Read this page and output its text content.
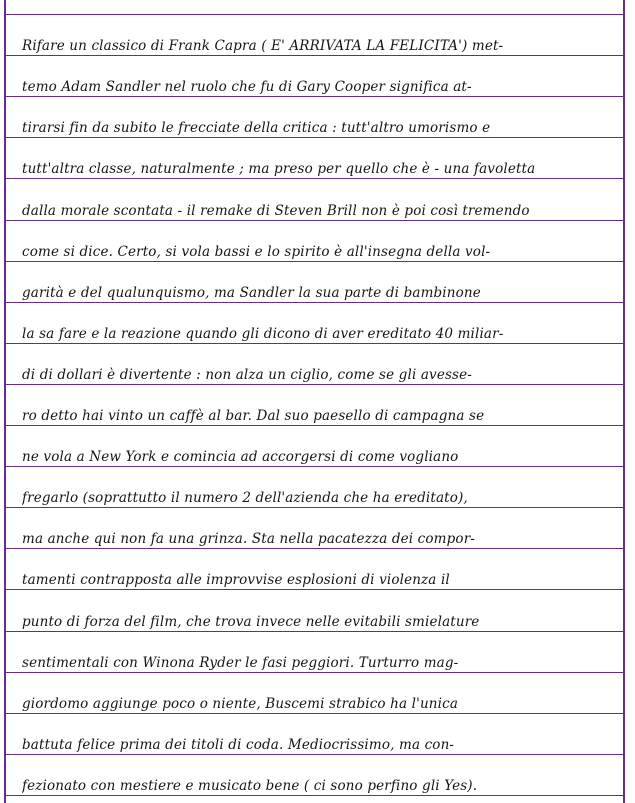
Rifare un classico di Frank Capra ( E' ARRIVATA LA FELICITA') met-
temo Adam Sandler nel ruolo che fu di Gary Cooper significa at-
tirarsi fin da subito le frecciate della critica : tutt'altro umorismo e
tutt'altra classe, naturalmente ; ma preso per quello che è - una favoletta
dalla morale scontata - il remake di Steven Brill non è poi così tremendo
come si dice. Certo, si vola bassi e lo spirito è all'insegna della vol-
garità e del qualunquismo, ma Sandler la sua parte di bambinone
la sa fare e la reazione quando gli dicono di aver ereditato 40 miliar-
di di dollari è divertente : non alza un ciglio, come se gli avesse-
ro detto hai vinto un caffè al bar. Dal suo paesello di campagna se
ne vola a New York e comincia ad accorgersi di come vogliano
fregarlo (soprattutto il numero 2 dell'azienda che ha ereditato),
ma anche qui non fa una grinza. Sta nella pacatezza dei compor-
tamenti contrapposta alle improvvise esplosioni di violenza il
punto di forza del film, che trova invece nelle evitabili smielature
sentimentali con Winona Ryder le fasi peggiori. Turturro mag-
giordomo aggiunge poco o niente, Buscemi strabico ha l'unica
battuta felice prima dei titoli di coda. Mediocrissimo, ma con-
fezionato con mestiere e musicato bene ( ci sono perfino gli Yes).
